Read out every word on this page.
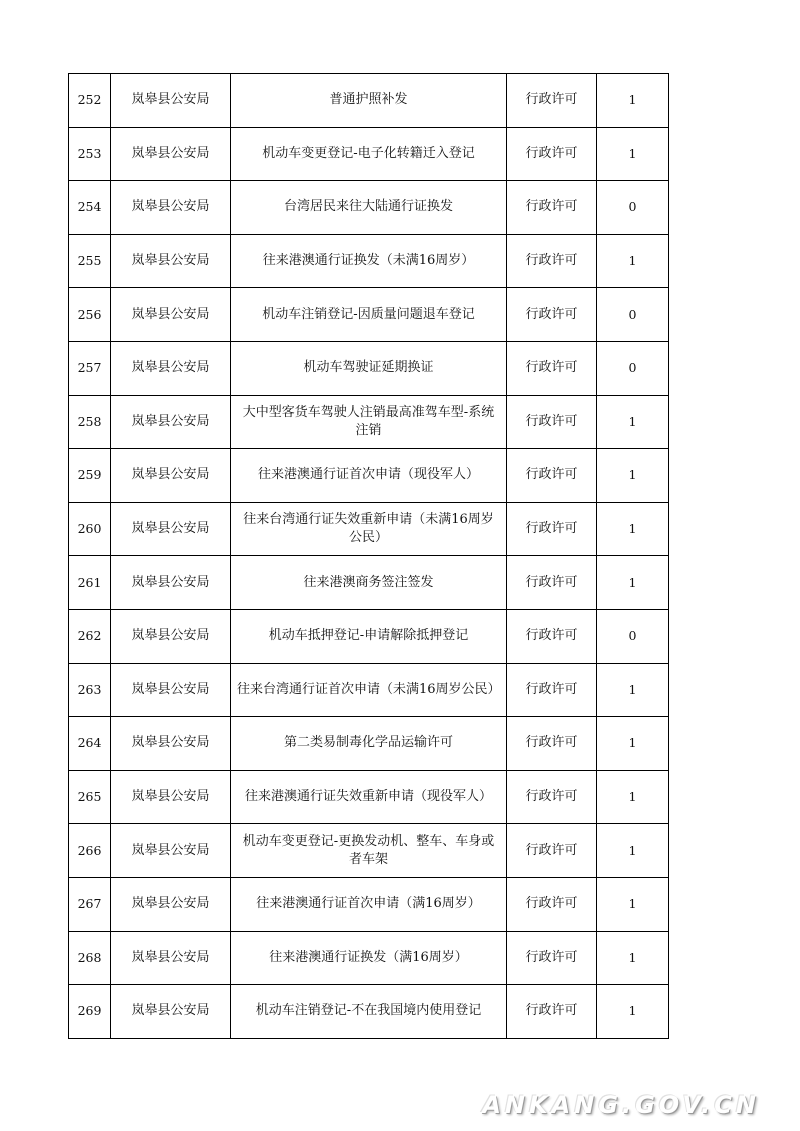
252	岚皋县公安局	普通护照补发	行政许可	1
253	岚皋县公安局	机动车变更登记-电子化转籍迁入登记	行政许可	1
254	岚皋县公安局	台湾居民来往大陆通行证换发	行政许可	0
255	岚皋县公安局	往来港澳通行证换发（未满16周岁）	行政许可	1
256	岚皋县公安局	机动车注销登记-因质量问题退车登记	行政许可	0
257	岚皋县公安局	机动车驾驶证延期换证	行政许可	0
258	岚皋县公安局	大中型客货车驾驶人注销最高准驾车型-系统注销	行政许可	1
259	岚皋县公安局	往来港澳通行证首次申请（现役军人）	行政许可	1
260	岚皋县公安局	往来台湾通行证失效重新申请（未满16周岁公民）	行政许可	1
261	岚皋县公安局	往来港澳商务签注签发	行政许可	1
262	岚皋县公安局	机动车抵押登记-申请解除抵押登记	行政许可	0
263	岚皋县公安局	往来台湾通行证首次申请（未满16周岁公民）	行政许可	1
264	岚皋县公安局	第二类易制毒化学品运输许可	行政许可	1
265	岚皋县公安局	往来港澳通行证失效重新申请（现役军人）	行政许可	1
266	岚皋县公安局	机动车变更登记-更换发动机、整车、车身或者车架	行政许可	1
267	岚皋县公安局	往来港澳通行证首次申请（满16周岁）	行政许可	1
268	岚皋县公安局	往来港澳通行证换发（满16周岁）	行政许可	1
269	岚皋县公安局	机动车注销登记-不在我国境内使用登记	行政许可	1
ANKANG.GOV.CN
